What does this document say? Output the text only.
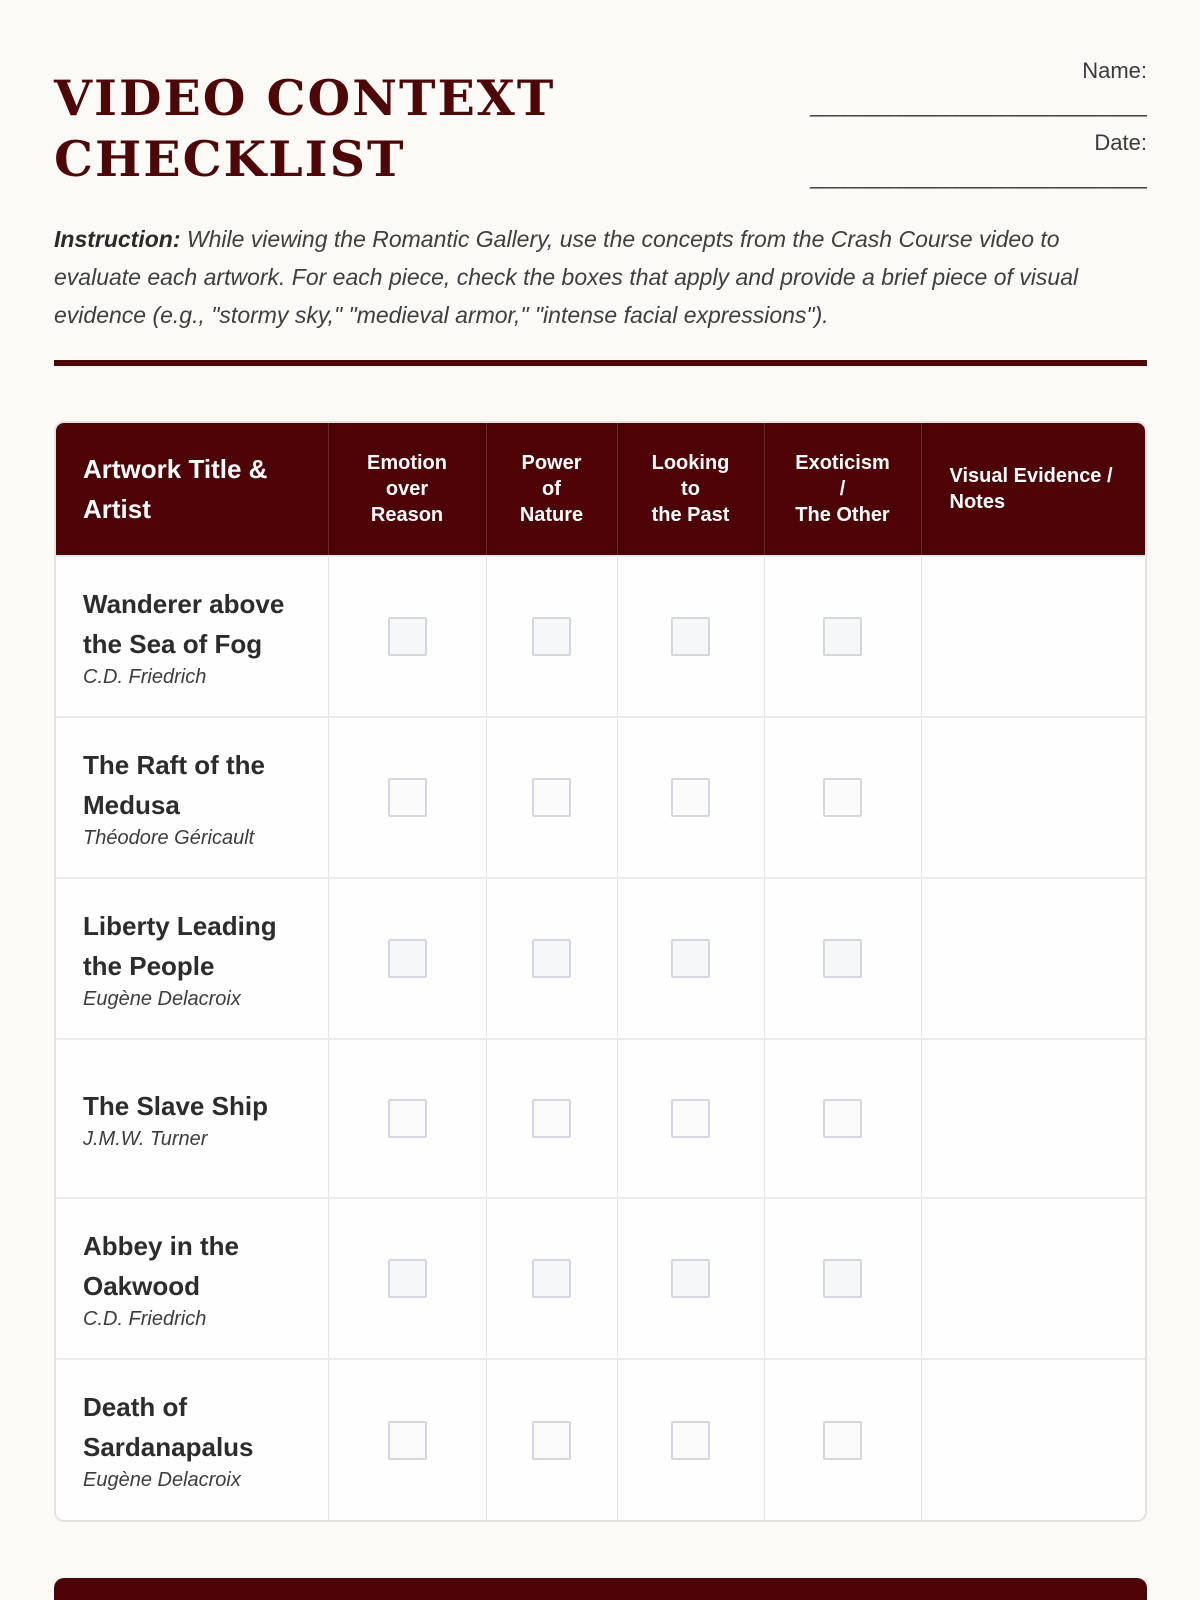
VIDEO CONTEXT
CHECKLIST
Name:
______________________________
Date:
______________________________

Instruction: While viewing the Romantic Gallery, use the concepts from the Crash Course video to evaluate each artwork. For each piece, check the boxes that apply and provide a brief piece of visual evidence (e.g., "stormy sky," "medieval armor," "intense facial expressions").

Artwork Title & Artist	Emotion
over
Reason	Power
of
Nature	Looking
to
the Past	Exoticism
/
The Other	Visual Evidence / Notes

Wanderer above the Sea of Fog
C.D. Friedrich					

The Raft of the Medusa
Théodore Géricault					

Liberty Leading the People
Eugène Delacroix					

The Slave Ship
J.M.W. Turner					

Abbey in the Oakwood
C.D. Friedrich					

Death of Sardanapalus
Eugène Delacroix					
